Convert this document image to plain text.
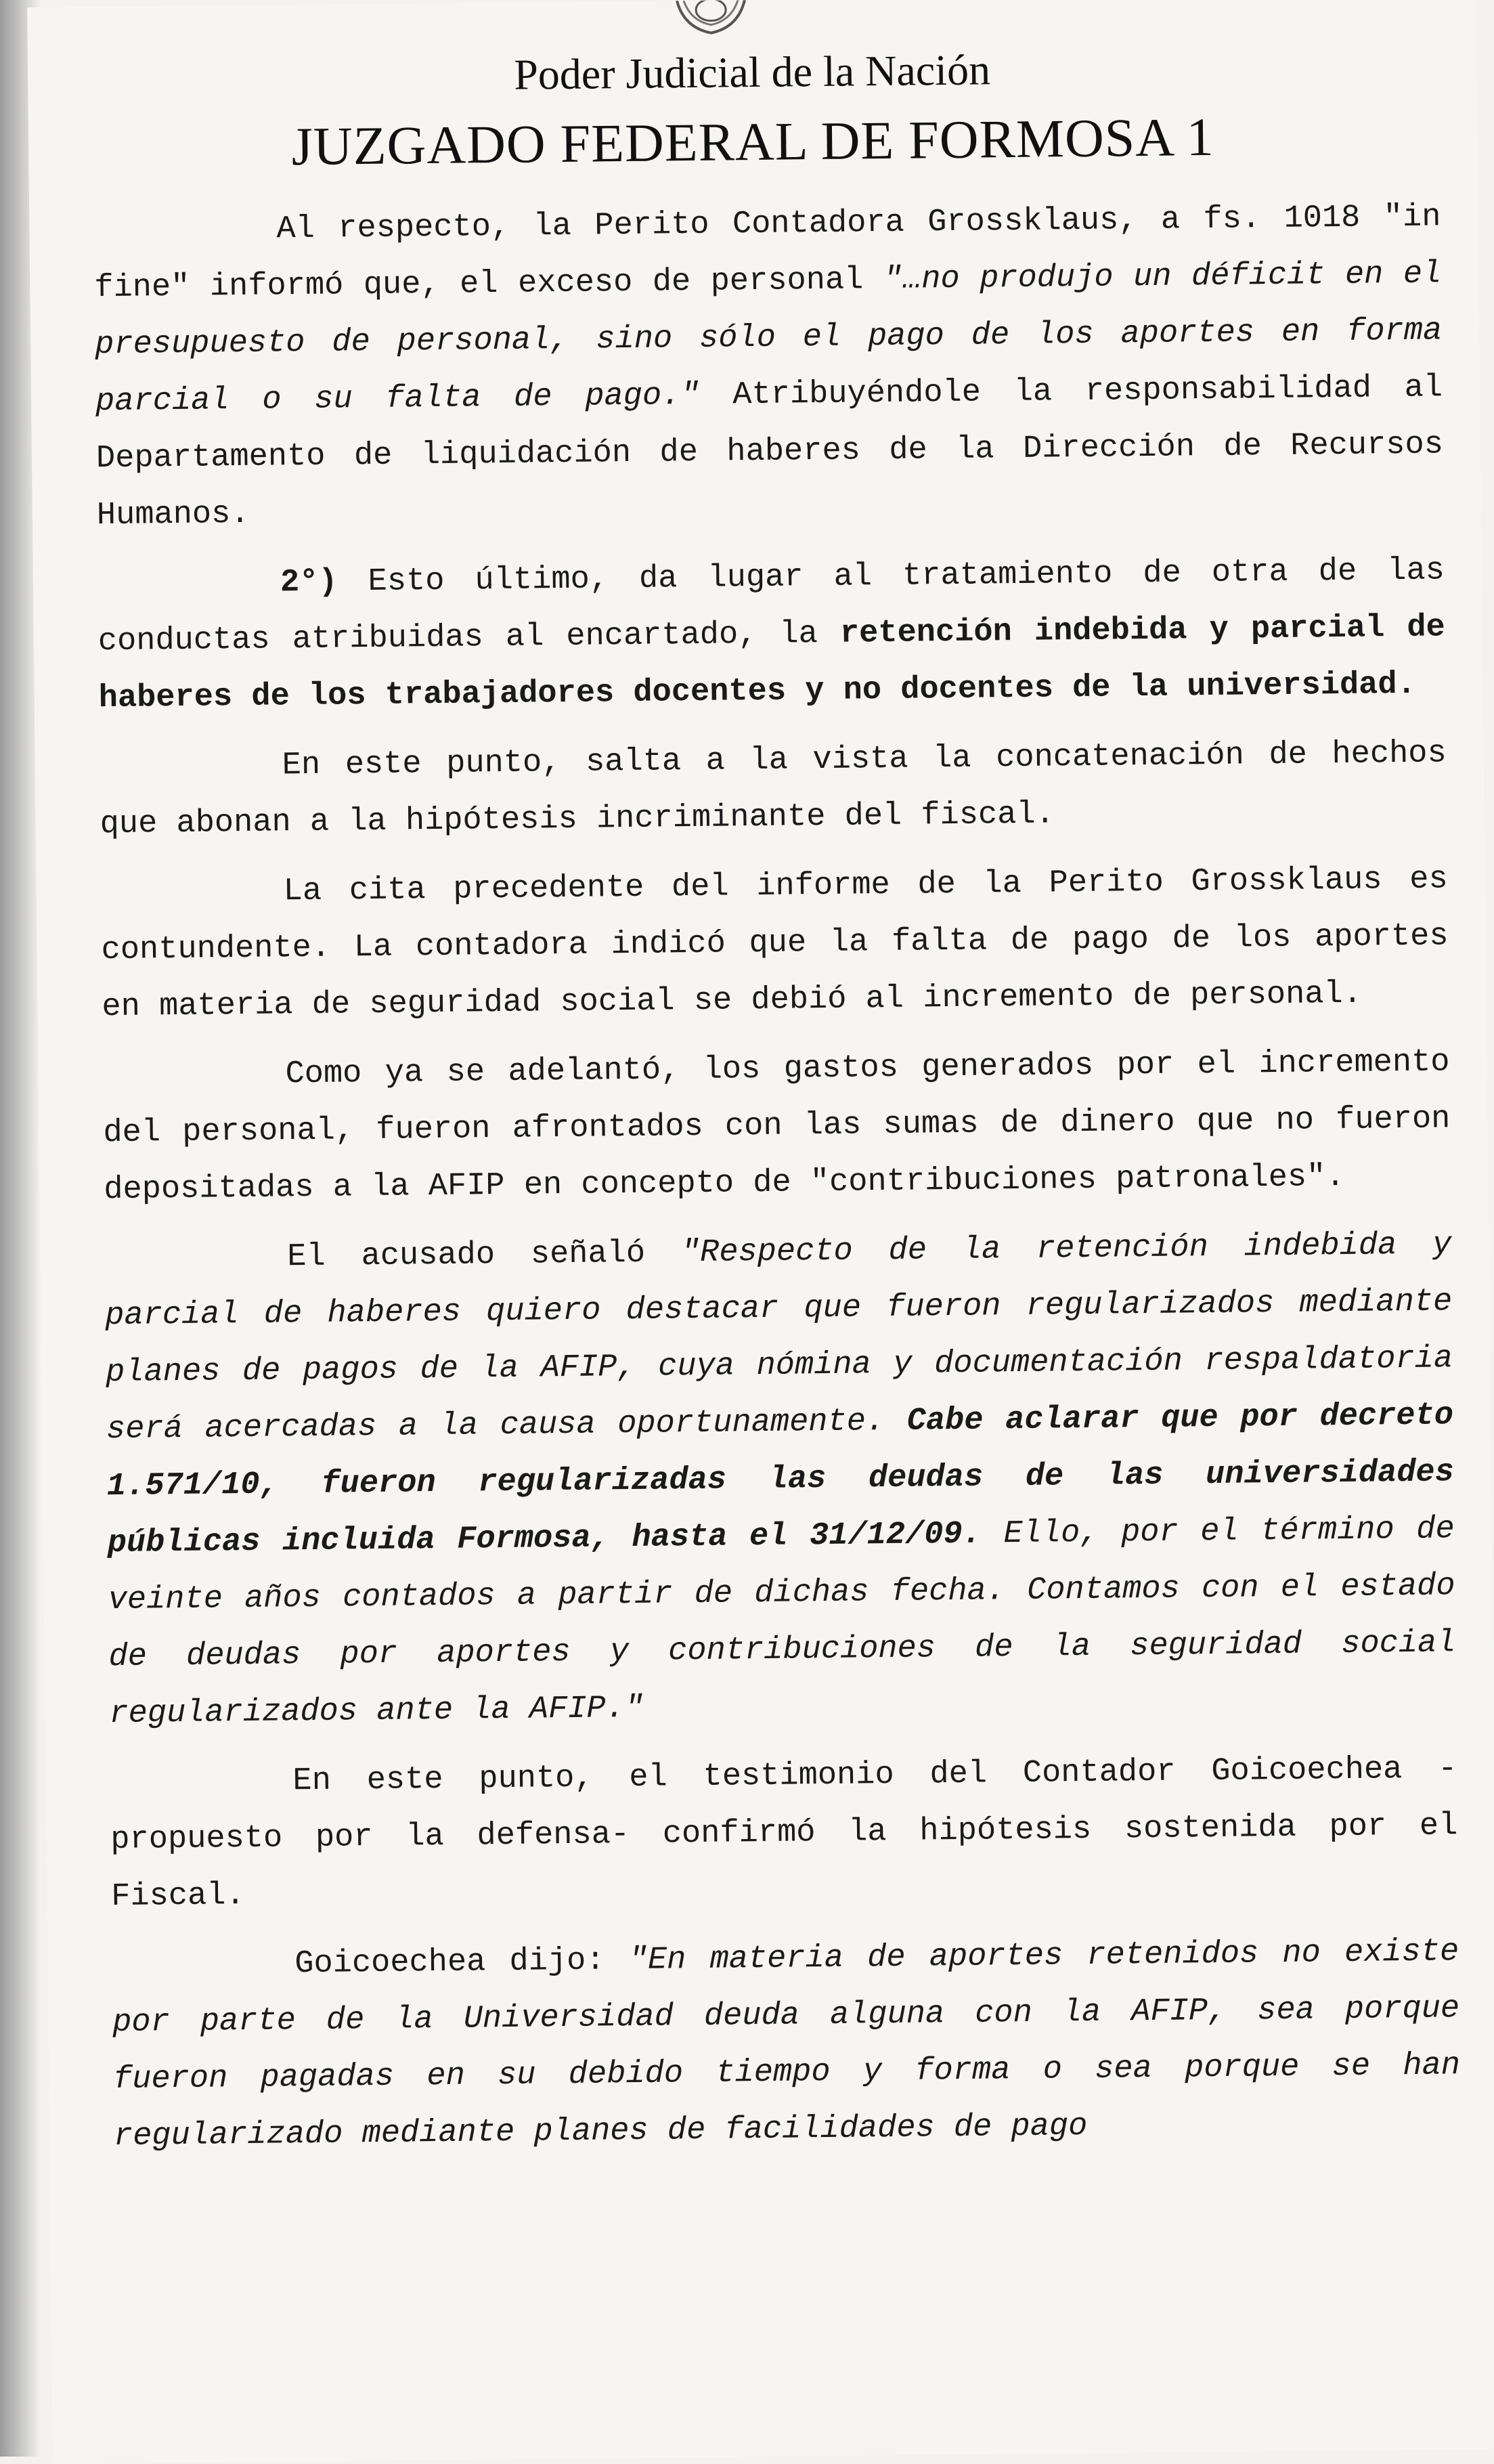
Poder Judicial de la Nación
JUZGADO FEDERAL DE FORMOSA 1

Al respecto, la Perito Contadora Grossklaus, a fs. 1018 "in fine" informó que, el exceso de personal "…no produjo un déficit en el presupuesto de personal, sino sólo el pago de los aportes en forma parcial o su falta de pago." Atribuyéndole la responsabilidad al Departamento de liquidación de haberes de la Dirección de Recursos Humanos.

2°) Esto último, da lugar al tratamiento de otra de las conductas atribuidas al encartado, la retención indebida y parcial de haberes de los trabajadores docentes y no docentes de la universidad.

En este punto, salta a la vista la concatenación de hechos que abonan a la hipótesis incriminante del fiscal.

La cita precedente del informe de la Perito Grossklaus es contundente. La contadora indicó que la falta de pago de los aportes en materia de seguridad social se debió al incremento de personal.

Como ya se adelantó, los gastos generados por el incremento del personal, fueron afrontados con las sumas de dinero que no fueron depositadas a la AFIP en concepto de "contribuciones patronales".

El acusado señaló "Respecto de la retención indebida y parcial de haberes quiero destacar que fueron regularizados mediante planes de pagos de la AFIP, cuya nómina y documentación respaldatoria será acercadas a la causa oportunamente. Cabe aclarar que por decreto 1.571/10, fueron regularizadas las deudas de las universidades públicas incluida Formosa, hasta el 31/12/09. Ello, por el término de veinte años contados a partir de dichas fecha. Contamos con el estado de deudas por aportes y contribuciones de la seguridad social regularizados ante la AFIP."

En este punto, el testimonio del Contador Goicoechea -propuesto por la defensa- confirmó la hipótesis sostenida por el Fiscal.

Goicoechea dijo: "En materia de aportes retenidos no existe por parte de la Universidad deuda alguna con la AFIP, sea porque fueron pagadas en su debido tiempo y forma o sea porque se han regularizado mediante planes de facilidades de pago
